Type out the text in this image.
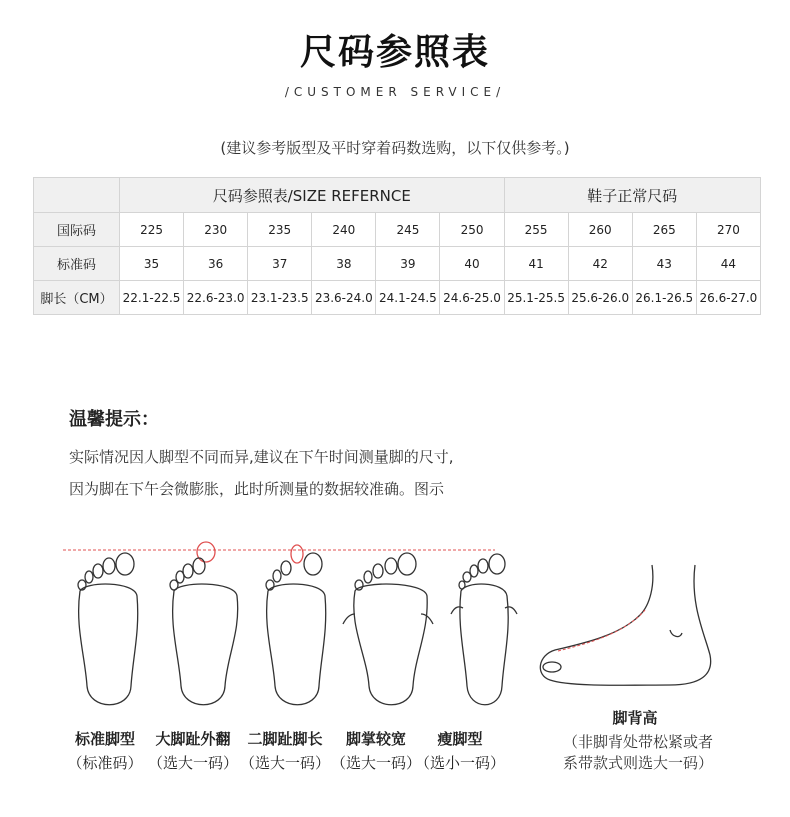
尺码参照表
/CUSTOMER SERVICE/
(建议参考版型及平时穿着码数选购，以下仅供参考。)
	尺码参照表/SIZE REFERNCE						鞋子正常尺码			
国际码	225	230	235	240	245	250	255	260	265	270
标准码	35	36	37	38	39	40	41	42	43	44
脚长（CM）	22.1-22.5	22.6-23.0	23.1-23.5	23.6-24.0	24.1-24.5	24.6-25.0	25.1-25.5	25.6-26.0	26.1-26.5	26.6-27.0
温馨提示：
实际情况因人脚型不同而异,建议在下午时间测量脚的尺寸,
因为脚在下午会微膨胀，此时所测量的数据较准确。图示
标准脚型	大脚趾外翻	二脚趾脚长	脚掌较宽	瘦脚型
（标准码） （选大一码） （选大一码） （选大一码）
（选小一码）
脚背高
（非脚背处带松紧或者
系带款式则选大一码）
